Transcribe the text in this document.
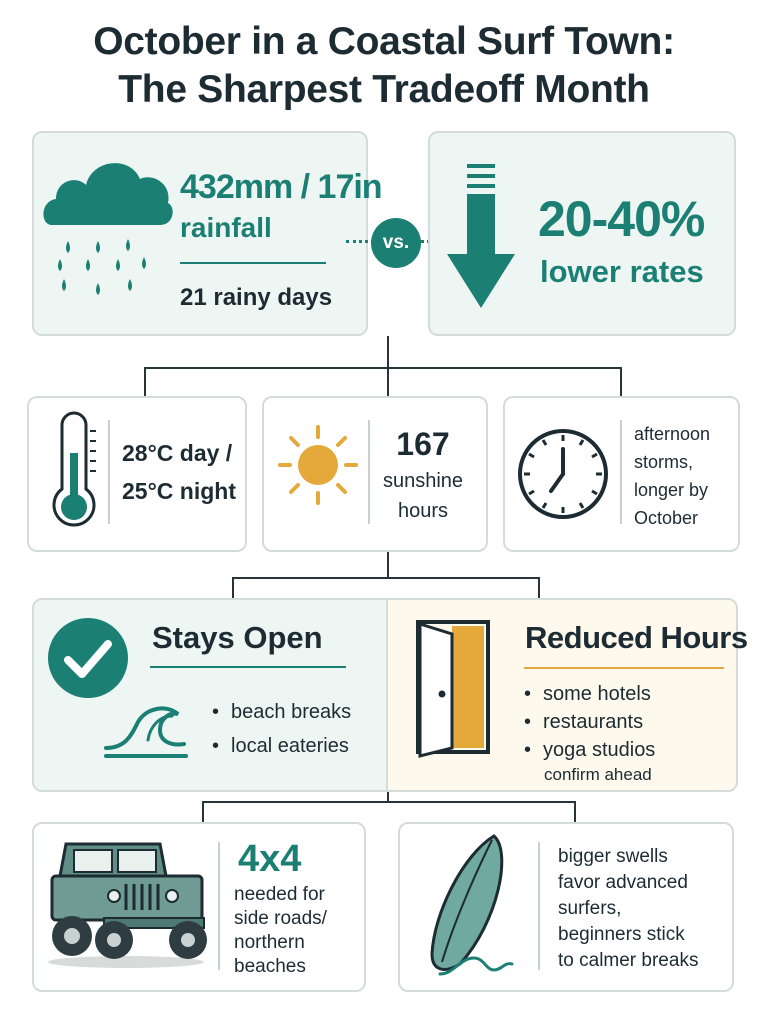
October in a Coastal Surf Town:
The Sharpest Tradeoff Month
432mm / 17in
rainfall
21 rainy days
vs.	20-40%
lower rates
28°C day /
25°C night
167
sunshine
hours
afternoon
storms,
longer by
October
Stays Open
• beach breaks
• local eateries
Reduced Hours
• some hotels
• restaurants
• yoga studios
confirm ahead
4x4
needed for
side roads/
northern
beaches
bigger swells
favor advanced
surfers,
beginners stick
to calmer breaks
